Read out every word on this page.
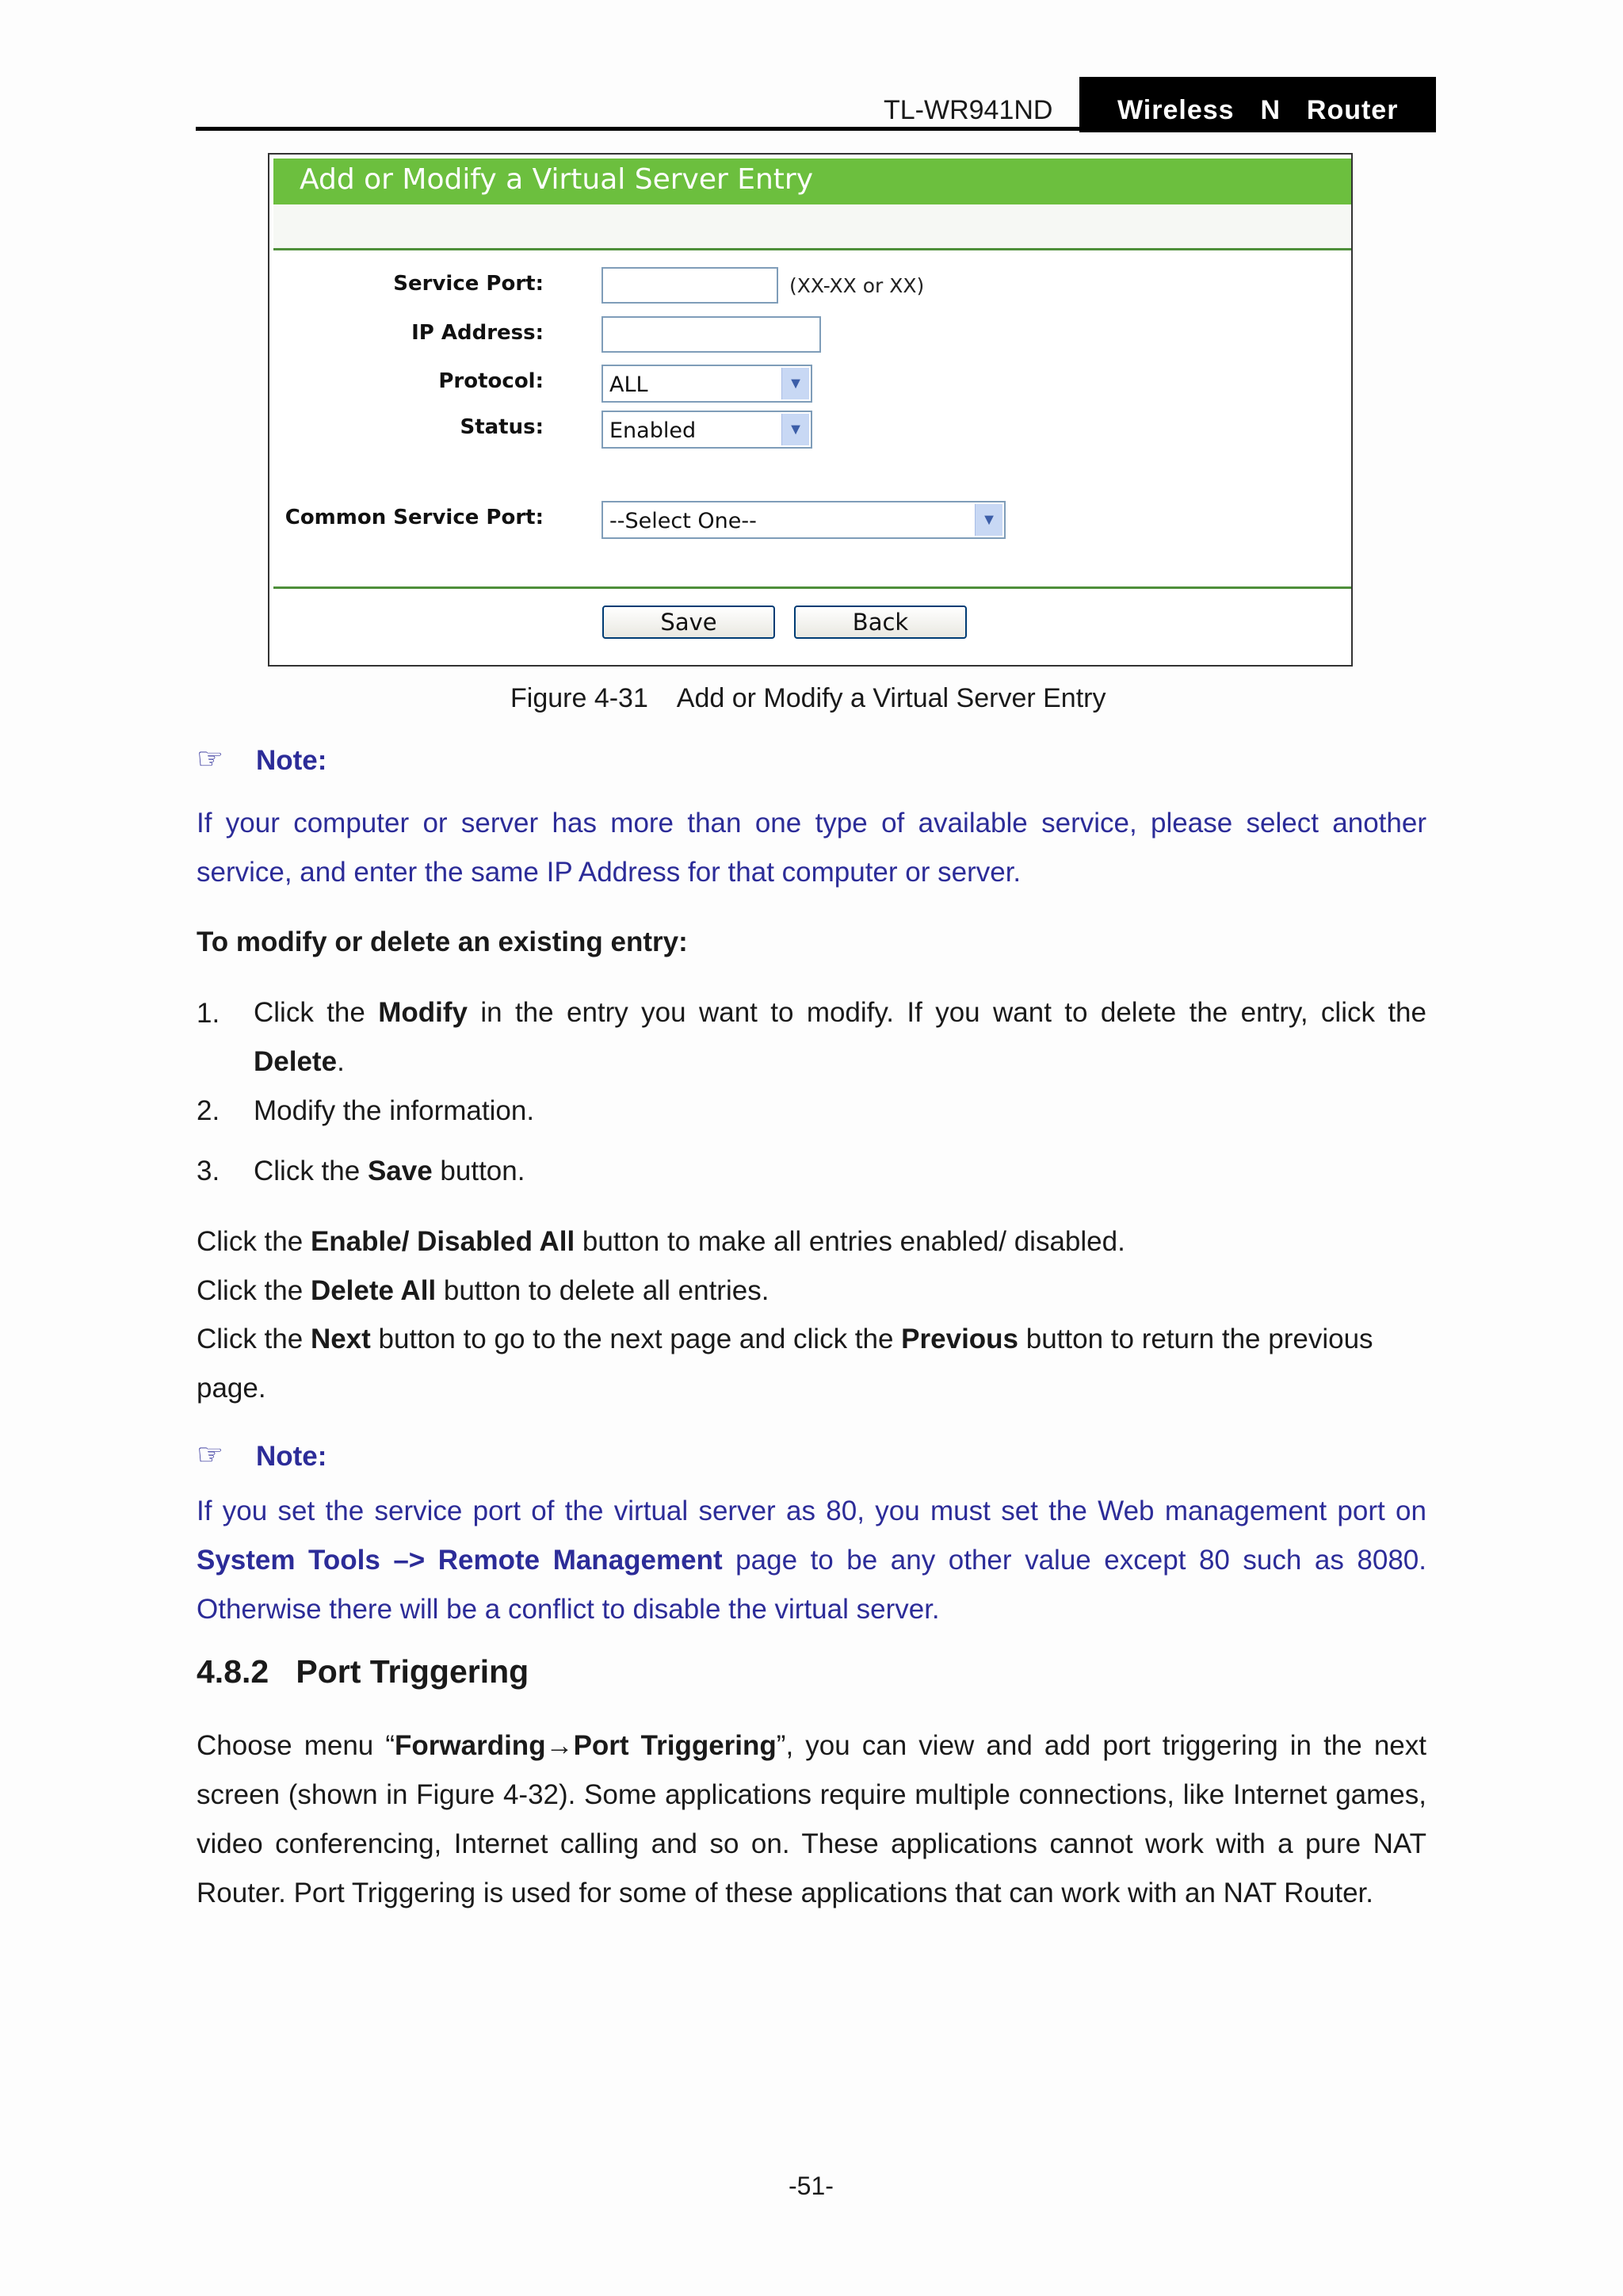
TL-WR941ND Wireless  N  Router
Add or Modify a Virtual Server Entry
Service Port:	(XX-XX or XX)
IP Address:
Protocol:	ALL	▼
Status:	Enabled	▼
Common Service Port:	--Select One--	▼
Save	Back
Figure 4-31    Add or Modify a Virtual Server Entry
☞ Note:
If your computer or server has more than one type of available service, please select another service, and enter the same IP Address for that computer or server.
To modify or delete an existing entry:
1. Click the Modify in the entry you want to modify. If you want to delete the entry, click the Delete.
2. Modify the information.
3. Click the Save button.
Click the Enable/ Disabled All button to make all entries enabled/ disabled.
Click the Delete All button to delete all entries.
Click the Next button to go to the next page and click the Previous button to return the previous page.
☞ Note:
If you set the service port of the virtual server as 80, you must set the Web management port on System Tools –> Remote Management page to be any other value except 80 such as 8080. Otherwise there will be a conflict to disable the virtual server.
4.8.2   Port Triggering
Choose menu “Forwarding→Port Triggering”, you can view and add port triggering in the next screen (shown in Figure 4-32). Some applications require multiple connections, like Internet games, video conferencing, Internet calling and so on. These applications cannot work with a pure NAT Router. Port Triggering is used for some of these applications that can work with an NAT Router.
-51-
